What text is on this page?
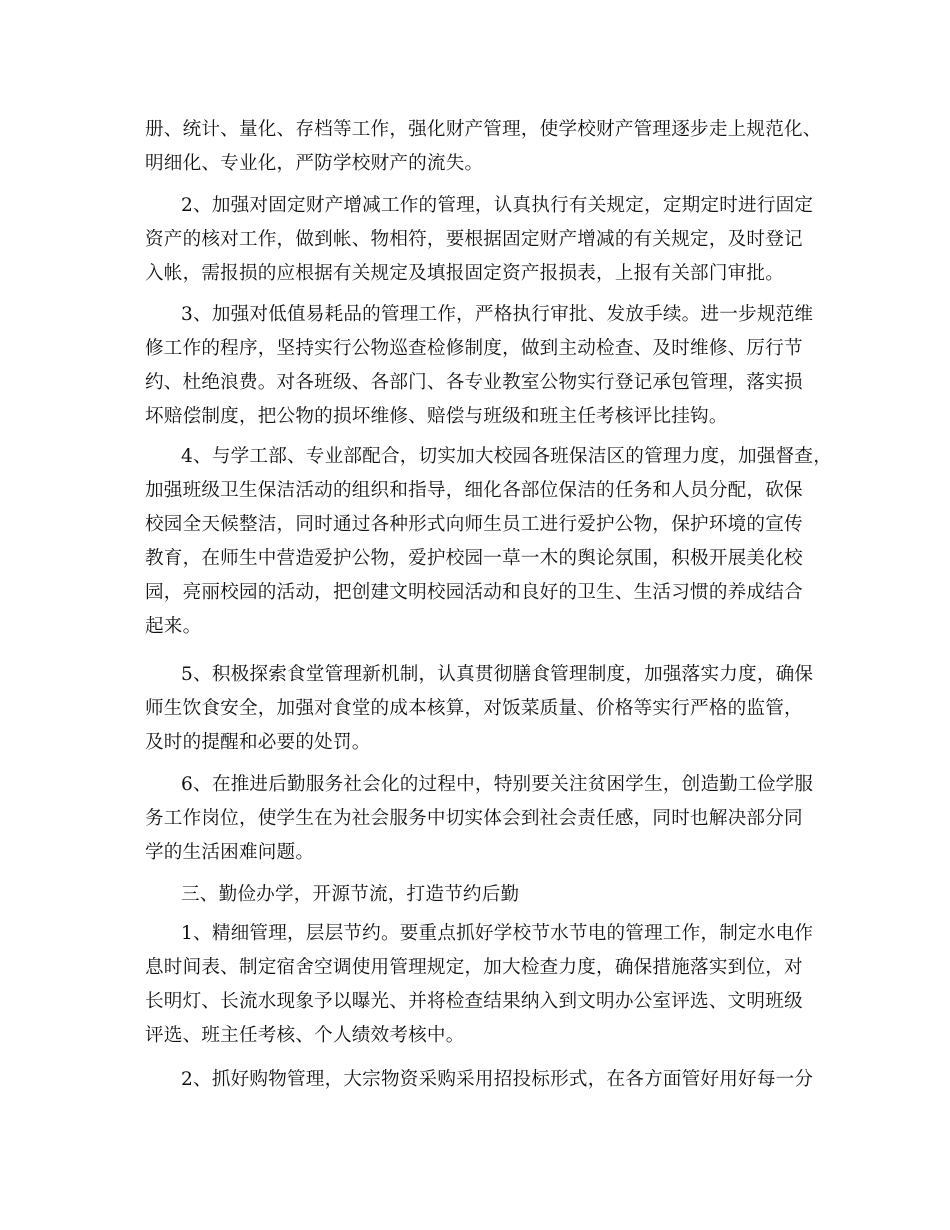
册、统计、量化、存档等工作，强化财产管理，使学校财产管理逐步走上规范化、
明细化、专业化，严防学校财产的流失。
2、加强对固定财产增减工作的管理，认真执行有关规定，定期定时进行固定
资产的核对工作，做到帐、物相符，要根据固定财产增减的有关规定，及时登记
入帐，需报损的应根据有关规定及填报固定资产报损表，上报有关部门审批。
3、加强对低值易耗品的管理工作，严格执行审批、发放手续。进一步规范维
修工作的程序，坚持实行公物巡查检修制度，做到主动检查、及时维修、厉行节
约、杜绝浪费。对各班级、各部门、各专业教室公物实行登记承包管理，落实损
坏赔偿制度，把公物的损坏维修、赔偿与班级和班主任考核评比挂钩。
4、与学工部、专业部配合，切实加大校园各班保洁区的管理力度，加强督查，
加强班级卫生保洁活动的组织和指导，细化各部位保洁的任务和人员分配，砍保
校园全天候整洁，同时通过各种形式向师生员工进行爱护公物，保护环境的宣传
教育，在师生中营造爱护公物，爱护校园一草一木的舆论氛围，积极开展美化校
园，亮丽校园的活动，把创建文明校园活动和良好的卫生、生活习惯的养成结合
起来。
5、积极探索食堂管理新机制，认真贯彻膳食管理制度，加强落实力度，确保
师生饮食安全，加强对食堂的成本核算，对饭菜质量、价格等实行严格的监管，
及时的提醒和必要的处罚。
6、在推进后勤服务社会化的过程中，特别要关注贫困学生，创造勤工俭学服
务工作岗位，使学生在为社会服务中切实体会到社会责任感，同时也解决部分同
学的生活困难问题。
三、勤俭办学，开源节流，打造节约后勤
1、精细管理，层层节约。要重点抓好学校节水节电的管理工作，制定水电作
息时间表、制定宿舍空调使用管理规定，加大检查力度，确保措施落实到位，对
长明灯、长流水现象予以曝光、并将检查结果纳入到文明办公室评选、文明班级
评选、班主任考核、个人绩效考核中。
2、抓好购物管理，大宗物资采购采用招投标形式，在各方面管好用好每一分
